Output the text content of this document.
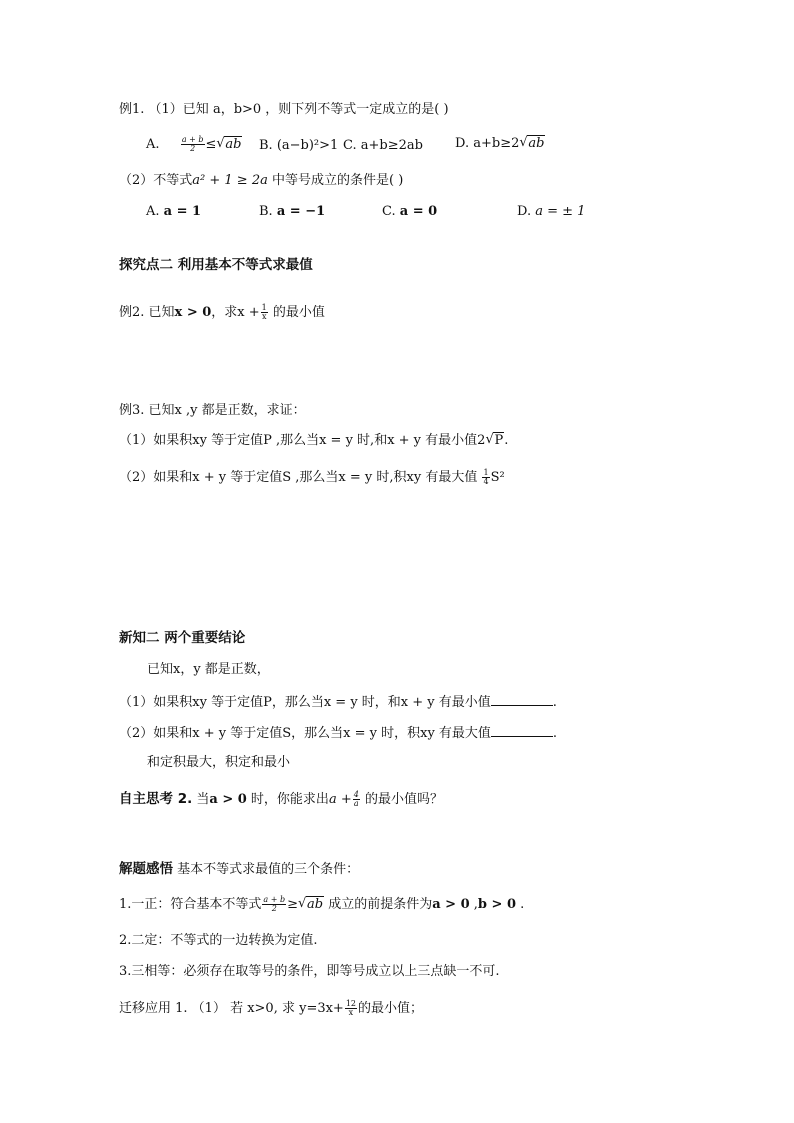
例1. （1）已知 a，b>0 ，则下列不等式一定成立的是( )
A.	$\frac{a + b}{2}$ ≤ √ ab B. (a−b)²>1 C. a+b≥2ab D. a+b≥2 √ ab
（2）不等式a² + 1 ≥ 2a 中等号成立的条件是( )
A. a = 1	B. a = −1	C. a = 0	D. a = ± 1
探究点二 利用基本不等式求最值
例2. 已知x > 0，求$x + \frac{1}{x}$ 的最小值
例3. 已知x ,y 都是正数，求证：
（1）如果积xy 等于定值P ,那么当x = y 时,和x + y 有最小值2 √ P.
（2）如果和x + y 等于定值S ,那么当x = y 时,积xy 有最大值 $\frac{1}{4} S^2$
新知二 两个重要结论
已知x，y 都是正数，
（1）如果积xy 等于定值P，那么当x = y 时，和x + y 有最小值	.
（2）如果和x + y 等于定值S，那么当x = y 时，积xy 有最大值	.
和定积最大，积定和最小
自主思考 2. 当a > 0 时，你能求出$a + \frac{4}{a}$ 的最小值吗？
解题感悟 基本不等式求最值的三个条件：
1.一正：符合基本不等式 $\frac{a + b}{2}$ ≥ √ ab 成立的前提条件为a > 0 ,b > 0 .
2.二定：不等式的一边转换为定值.
3.三相等：必须存在取等号的条件，即等号成立以上三点缺一不可.
迁移应用 1. （1） 若 x>0, 求 $y=3x+ \frac{12}{x}$ 的最小值；
